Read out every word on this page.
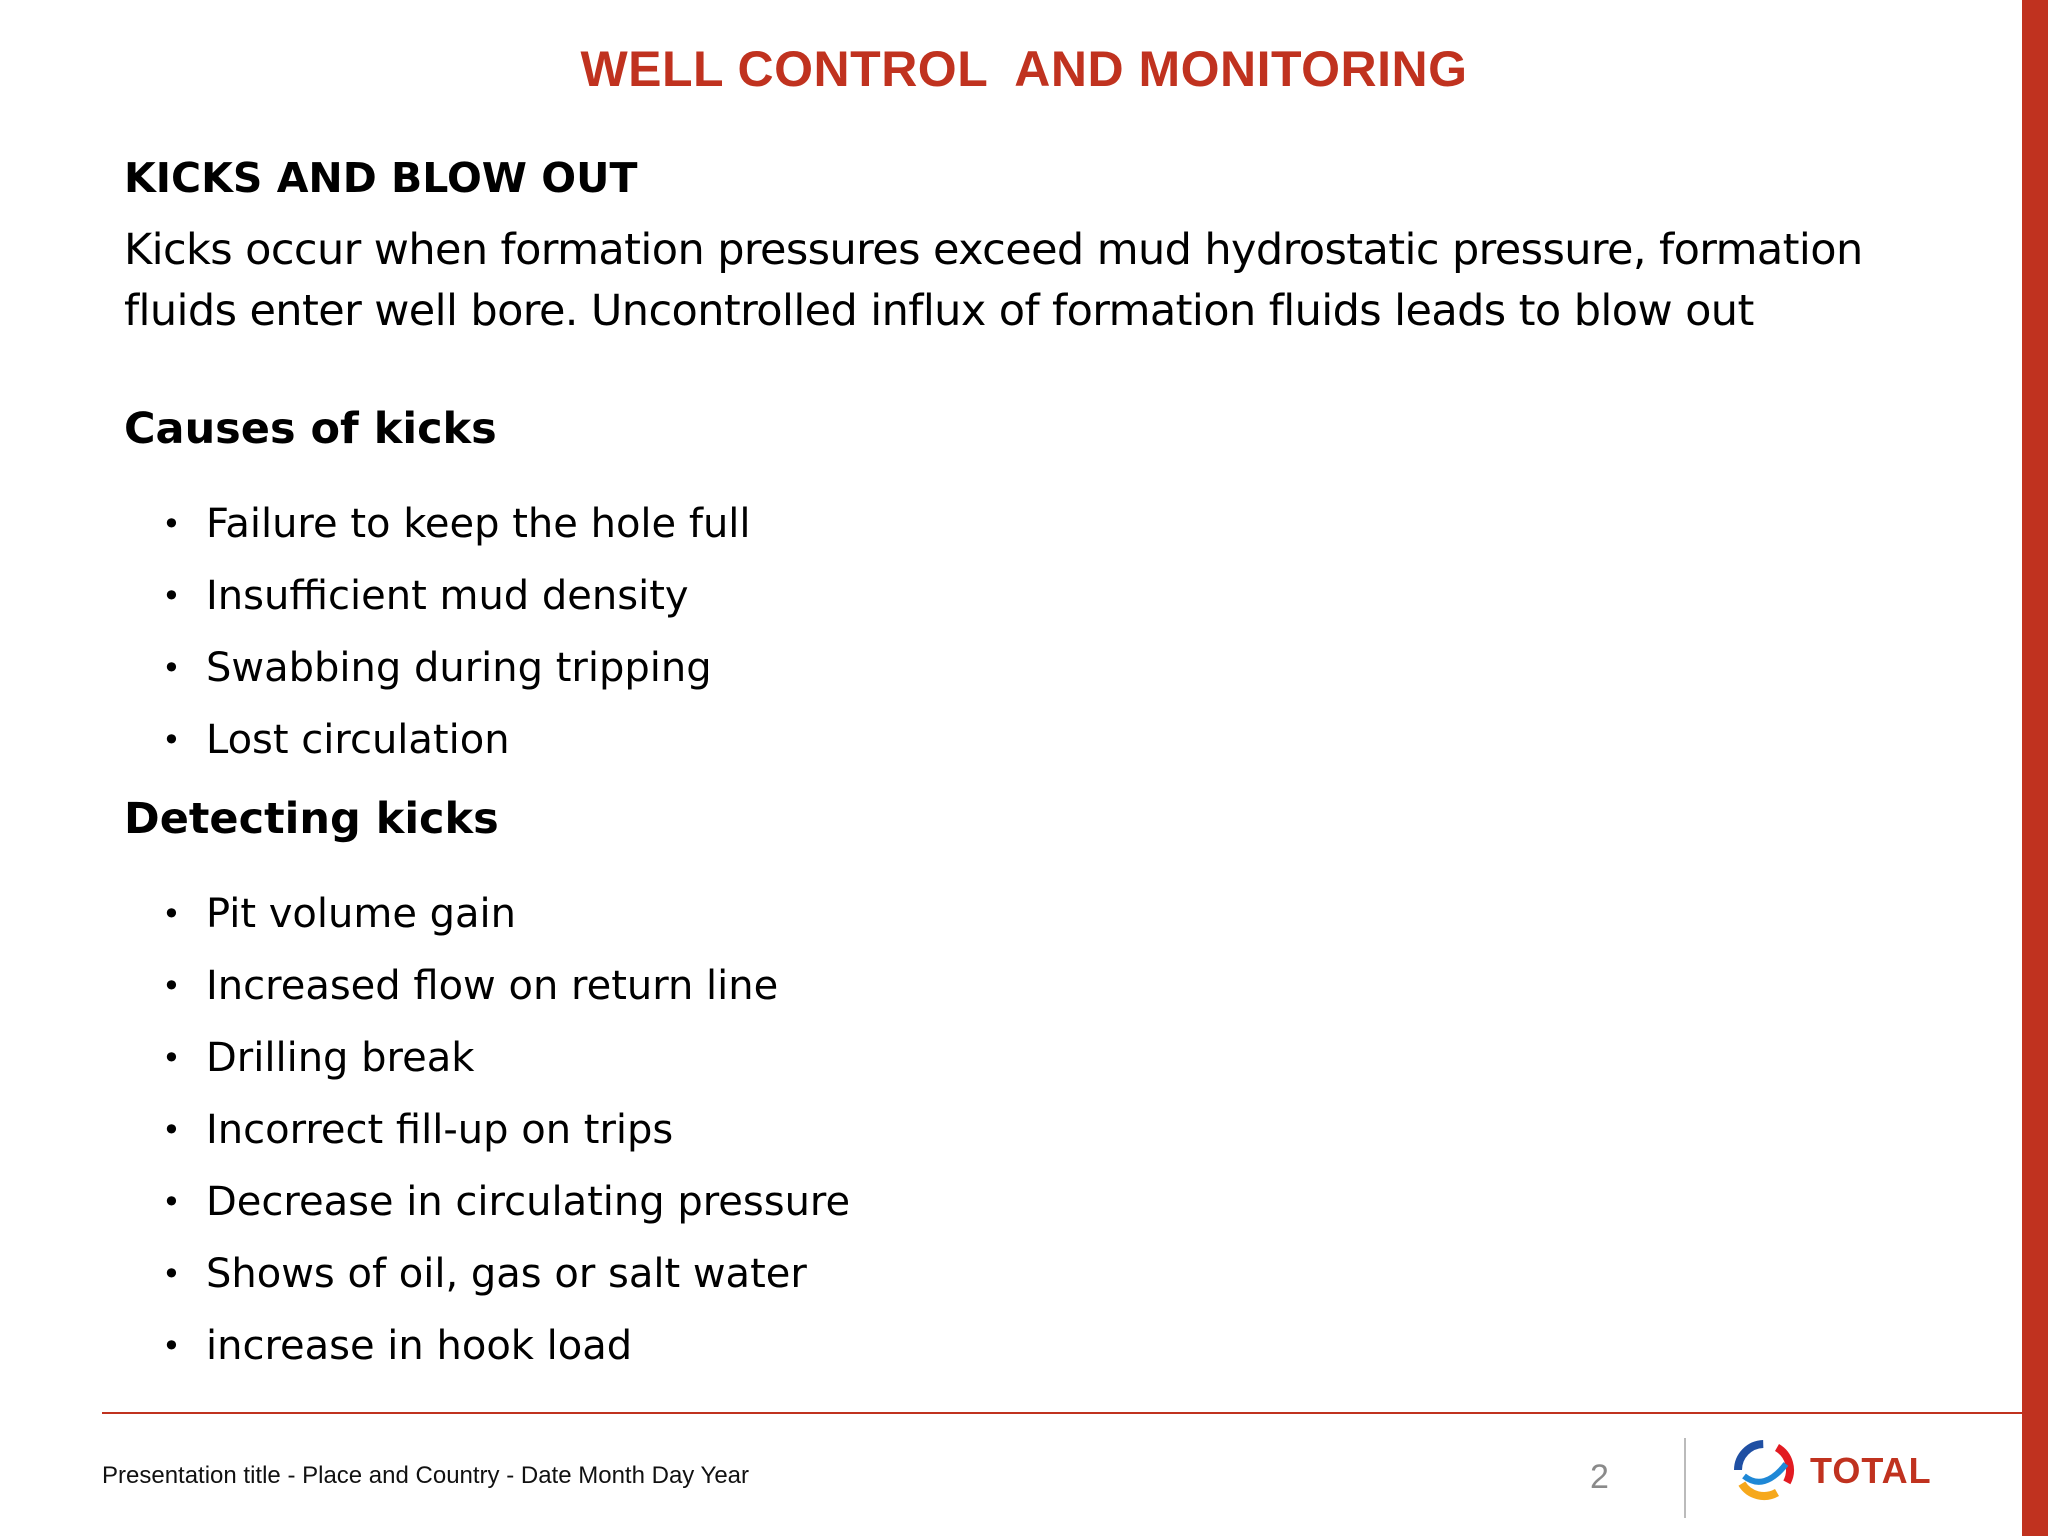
WELL CONTROL  AND MONITORING
KICKS AND BLOW OUT

Kicks occur when formation pressures exceed mud hydrostatic pressure, formation
fluids enter well bore. Uncontrolled influx of formation fluids leads to blow out

Causes of kicks
• Failure to keep the hole full
• Insufficient mud density
• Swabbing during tripping
• Lost circulation
Detecting kicks
• Pit volume gain
• Increased flow on return line
• Drilling break
• Incorrect fill-up on trips
• Decrease in circulating pressure
• Shows of oil, gas or salt water
• increase in hook load
Presentation title - Place and Country - Date Month Day Year	2	TOTAL
